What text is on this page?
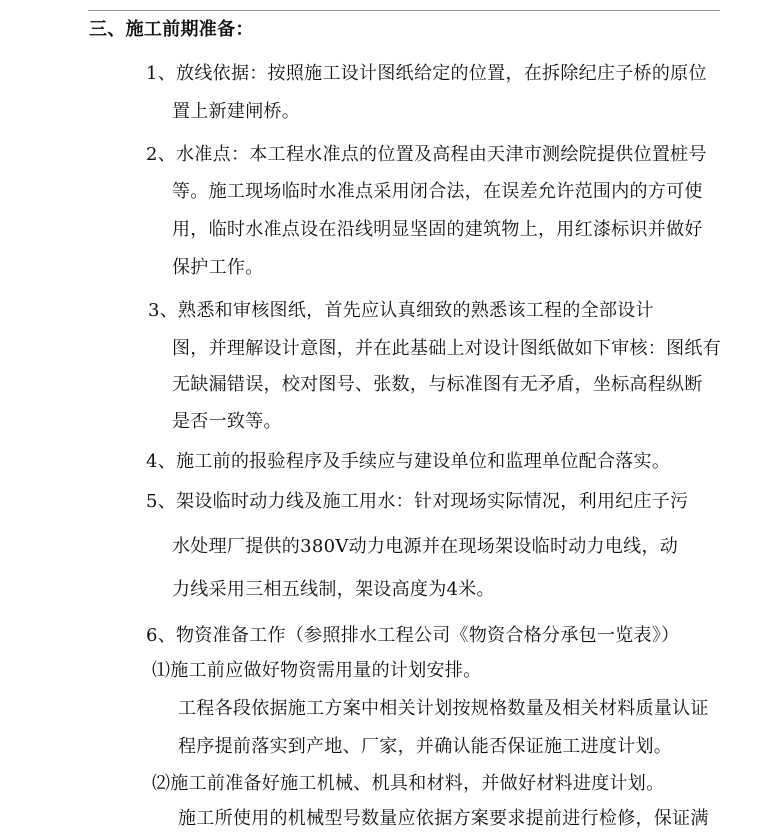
三、施工前期准备：
1、放线依据：按照施工设计图纸给定的位置，在拆除纪庄子桥的原位
置上新建闸桥。
2、水准点：本工程水准点的位置及高程由天津市测绘院提供位置桩号
等。施工现场临时水准点采用闭合法，在误差允许范围内的方可使
用，临时水准点设在沿线明显坚固的建筑物上，用红漆标识并做好
保护工作。
3、熟悉和审核图纸，首先应认真细致的熟悉该工程的全部设计
图，并理解设计意图，并在此基础上对设计图纸做如下审核：图纸有
无缺漏错误，校对图号、张数，与标准图有无矛盾，坐标高程纵断
是否一致等。
4、施工前的报验程序及手续应与建设单位和监理单位配合落实。
5、架设临时动力线及施工用水：针对现场实际情况，利用纪庄子污
水处理厂提供的380V动力电源并在现场架设临时动力电线，动
力线采用三相五线制，架设高度为4米。
6、物资准备工作（参照排水工程公司《物资合格分承包一览表》）
⑴施工前应做好物资需用量的计划安排。
工程各段依据施工方案中相关计划按规格数量及相关材料质量认证
程序提前落实到产地、厂家，并确认能否保证施工进度计划。
⑵施工前准备好施工机械、机具和材料，并做好材料进度计划。
施工所使用的机械型号数量应依据方案要求提前进行检修，保证满
